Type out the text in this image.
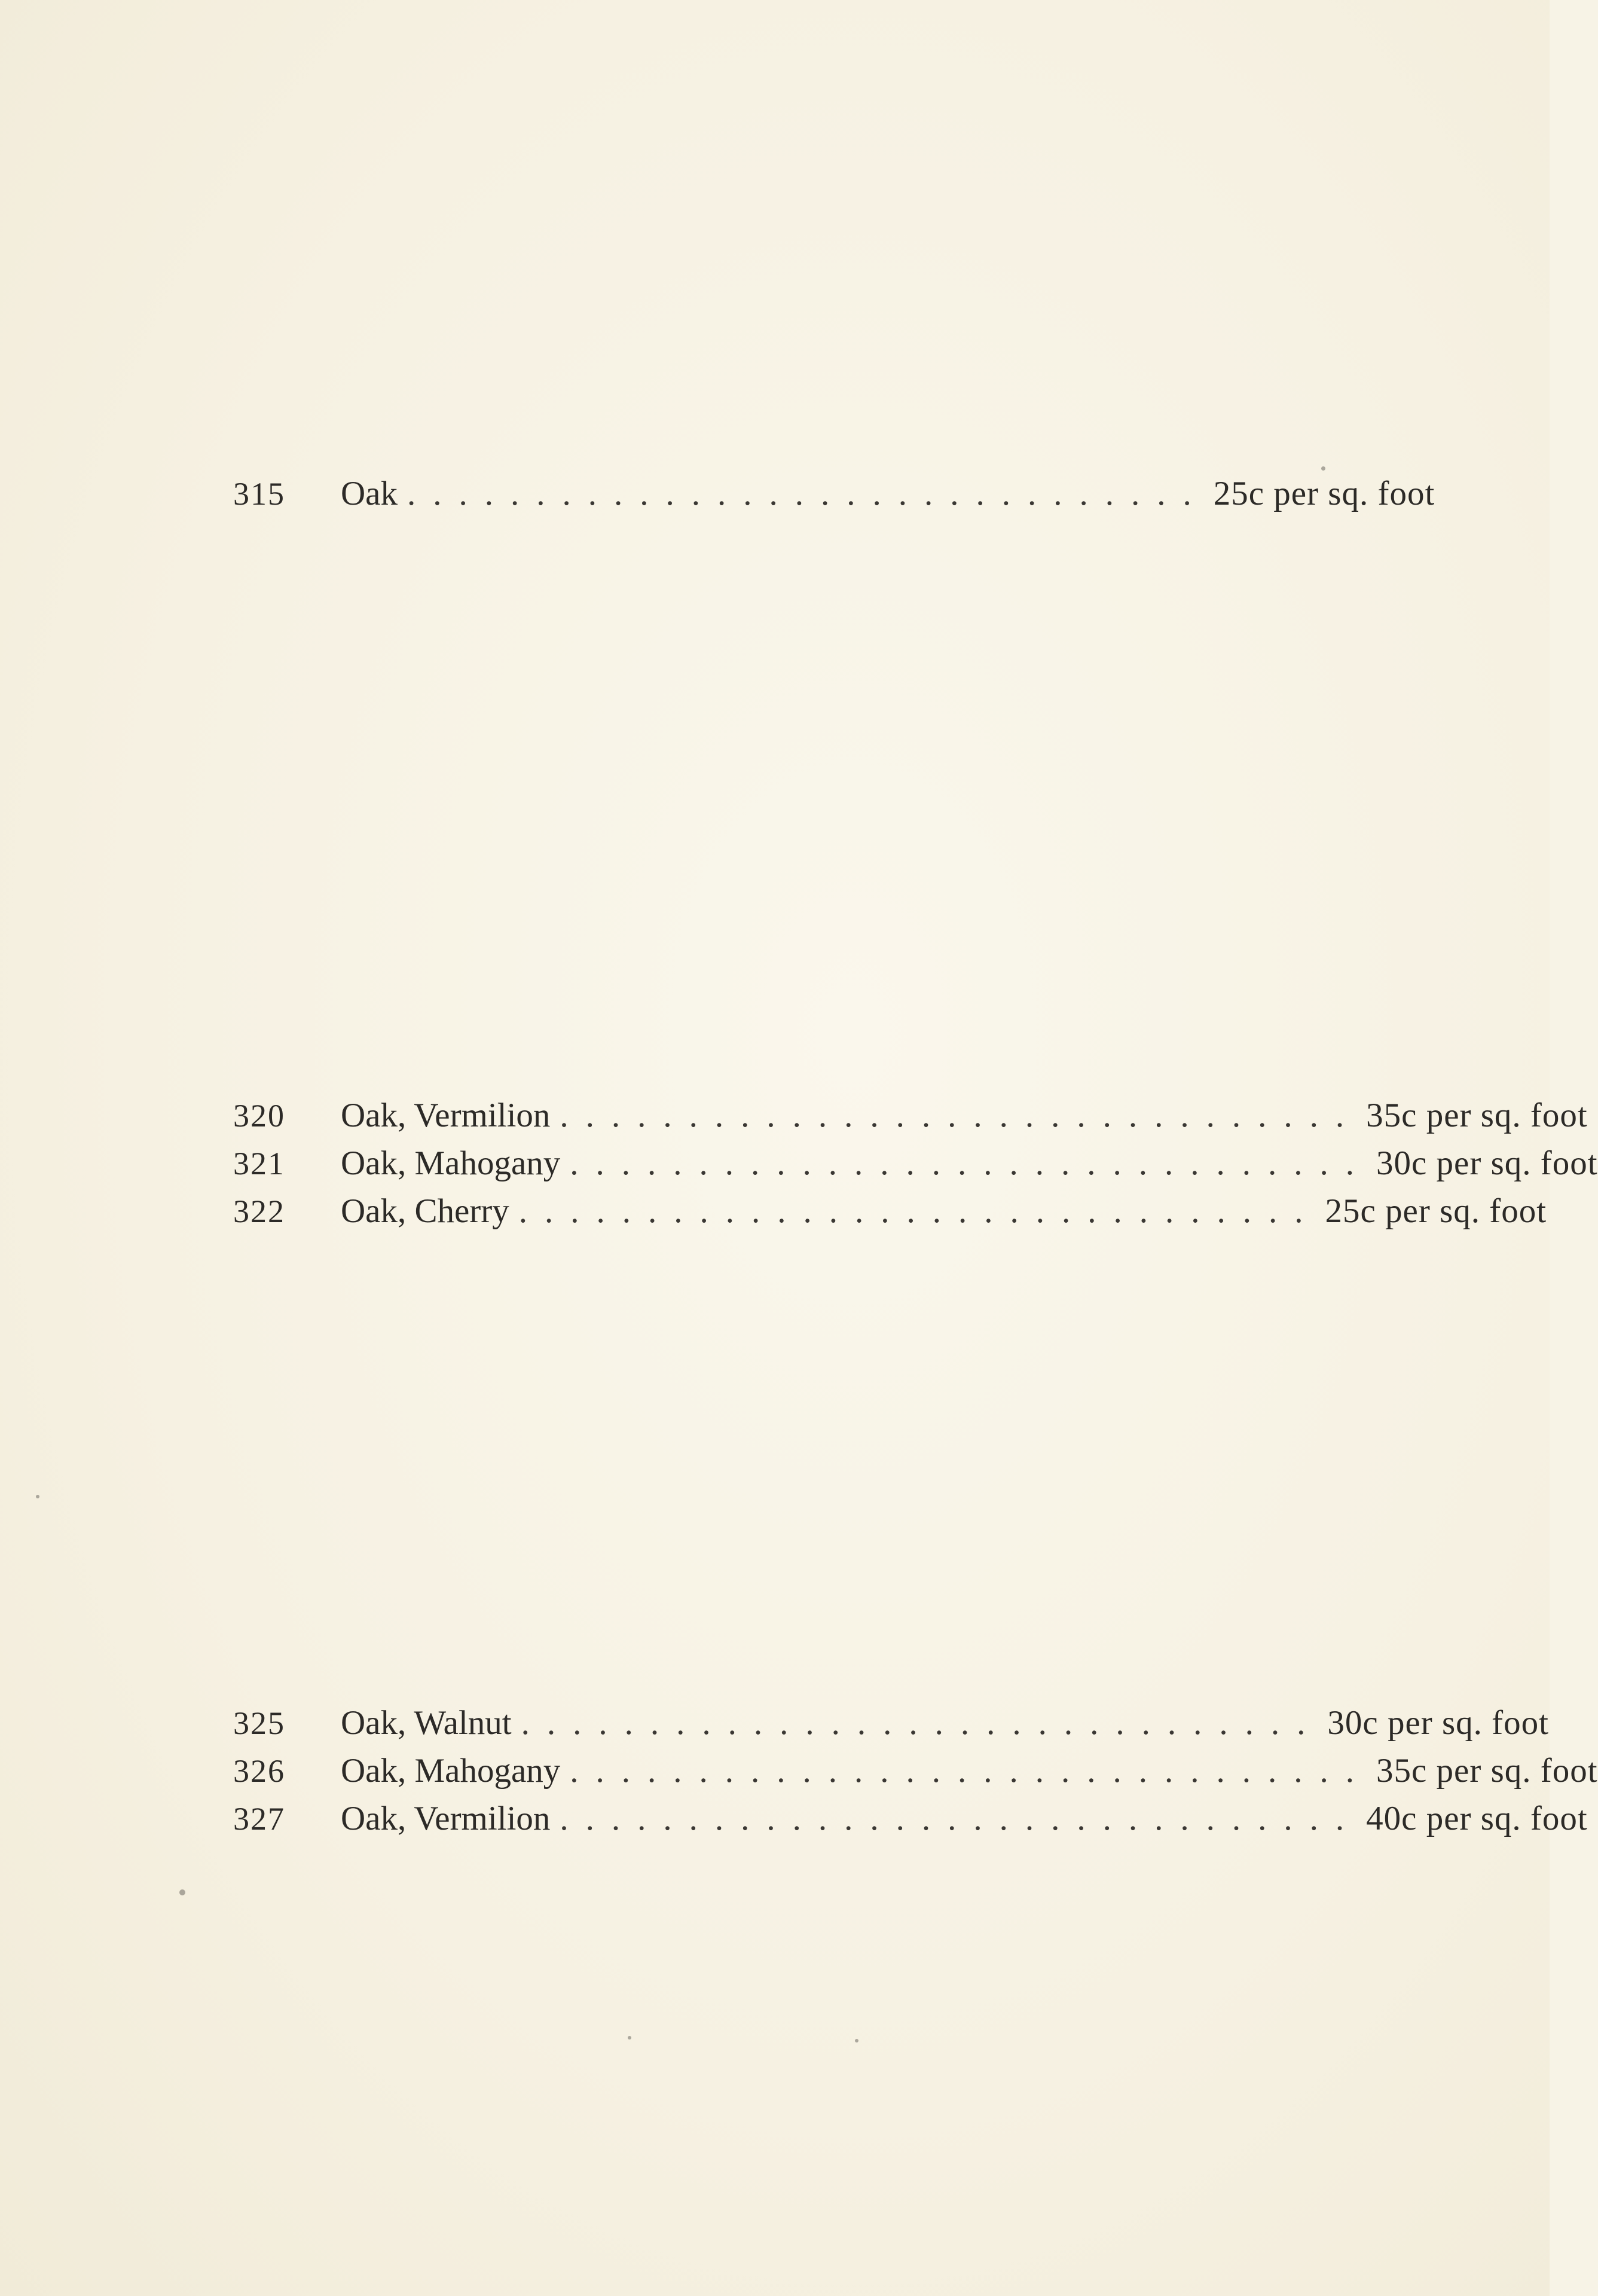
315	Oak ............................... 25c per sq. foot
320	Oak, Vermilion ............................... 35c per sq. foot
321	Oak, Mahogany ............................... 30c per sq. foot
322	Oak, Cherry ............................... 25c per sq. foot
325	Oak, Walnut ............................... 30c per sq. foot
326	Oak, Mahogany ............................... 35c per sq. foot
327	Oak, Vermilion ............................... 40c per sq. foot
